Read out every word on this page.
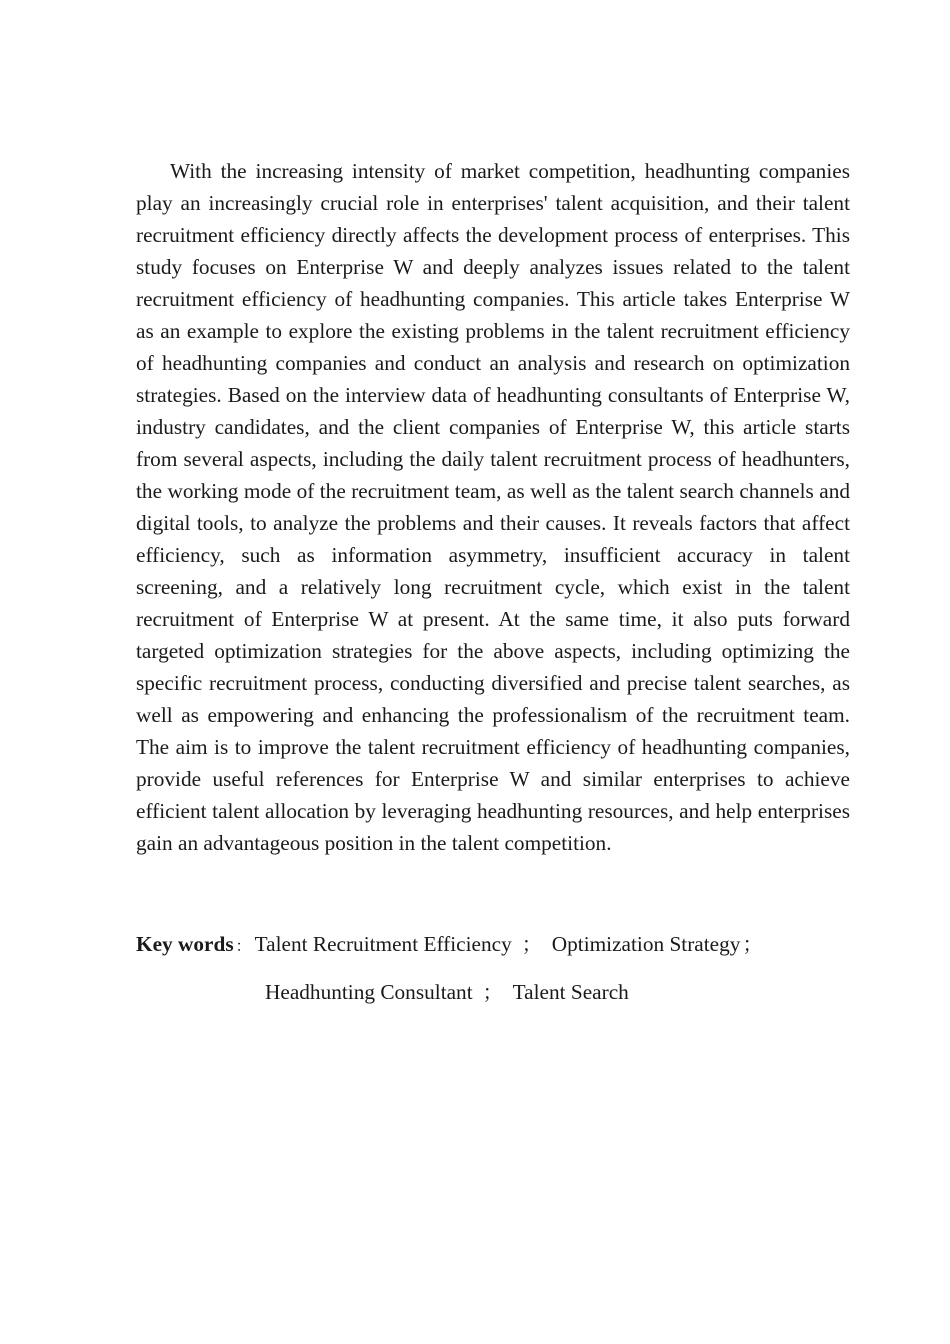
With the increasing intensity of market competition, headhunting companies play an increasingly crucial role in enterprises' talent acquisition, and their talent recruitment efficiency directly affects the development process of enterprises. This study focuses on Enterprise W and deeply analyzes issues related to the talent recruitment efficiency of headhunting companies. This article takes Enterprise W as an example to explore the existing problems in the talent recruitment efficiency of headhunting companies and conduct an analysis and research on optimization strategies. Based on the interview data of headhunting consultants of Enterprise W, industry candidates, and the client companies of Enterprise W, this article starts from several aspects, including the daily talent recruitment process of headhunters, the working mode of the recruitment team, as well as the talent search channels and digital tools, to analyze the problems and their causes. It reveals factors that affect efficiency, such as information asymmetry, insufficient accuracy in talent screening, and a relatively long recruitment cycle, which exist in the talent recruitment of Enterprise W at present. At the same time, it also puts forward targeted optimization strategies for the above aspects, including optimizing the specific recruitment process, conducting diversified and precise talent searches, as well as empowering and enhancing the professionalism of the recruitment team. The aim is to improve the talent recruitment efficiency of headhunting companies, provide useful references for Enterprise W and similar enterprises to achieve efficient talent allocation by leveraging headhunting resources, and help enterprises gain an advantageous position in the talent competition.

Key words ： Talent Recruitment Efficiency ； Optimization Strategy ；
Headhunting Consultant ； Talent Search
